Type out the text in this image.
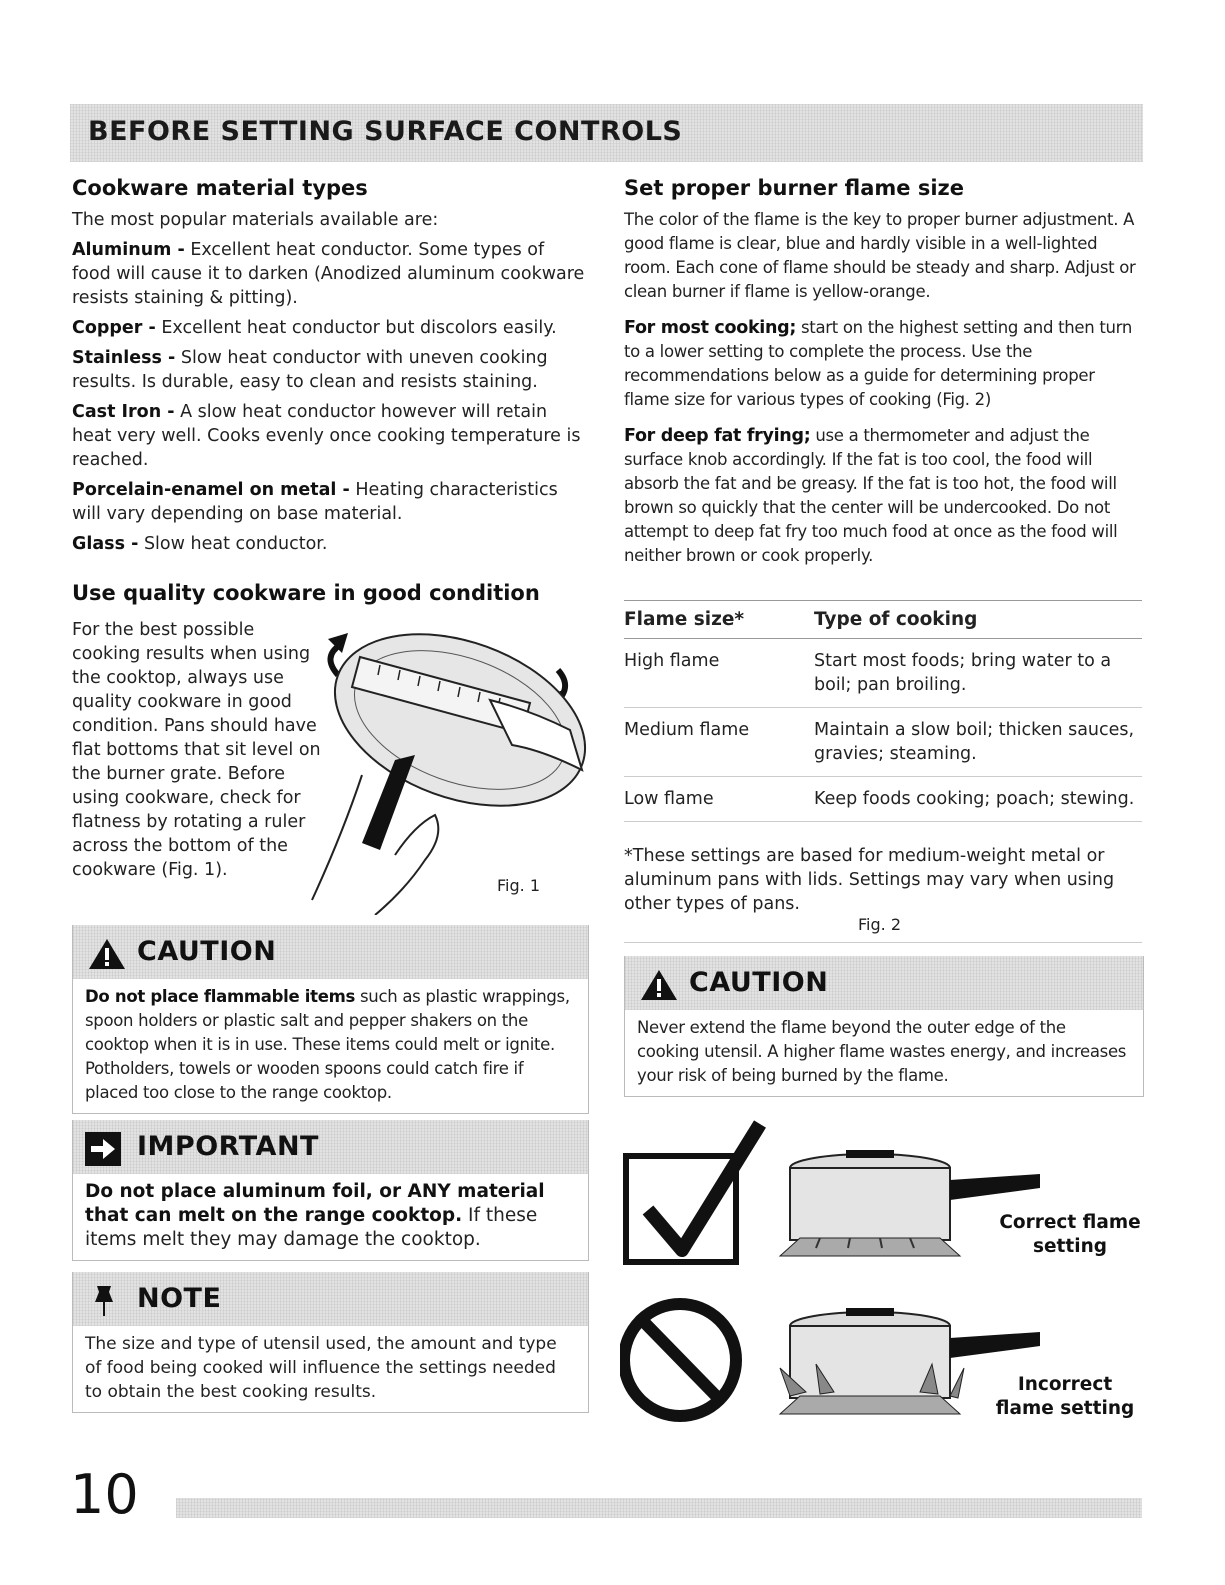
BEFORE SETTING SURFACE CONTROLS
Cookware material types

The most popular materials available are:

Aluminum - Excellent heat conductor. Some types of food will cause it to darken (Anodized aluminum cookware resists staining & pitting).

Copper - Excellent heat conductor but discolors easily.

Stainless - Slow heat conductor with uneven cooking results. Is durable, easy to clean and resists staining.

Cast Iron - A slow heat conductor however will retain heat very well. Cooks evenly once cooking temperature is reached.

Porcelain-enamel on metal - Heating characteristics will vary depending on base material.

Glass - Slow heat conductor.

Use quality cookware in good condition

For the best possible cooking results when using the cooktop, always use quality cookware in good condition. Pans should have flat bottoms that sit level on the burner grate. Before using cookware, check for flatness by rotating a ruler across the bottom of the cookware (Fig. 1).

Fig. 1
CAUTION

Do not place flammable items such as plastic wrappings, spoon holders or plastic salt and pepper shakers on the cooktop when it is in use. These items could melt or ignite. Potholders, towels or wooden spoons could catch fire if placed too close to the range cooktop.

IMPORTANT

Do not place aluminum foil, or ANY material that can melt on the range cooktop. If these items melt they may damage the cooktop.

NOTE

The size and type of utensil used, the amount and type of food being cooked will influence the settings needed to obtain the best cooking results.

Set proper burner flame size

The color of the flame is the key to proper burner adjustment. A good flame is clear, blue and hardly visible in a well-lighted room. Each cone of flame should be steady and sharp. Adjust or clean burner if flame is yellow-orange.

For most cooking; start on the highest setting and then turn to a lower setting to complete the process. Use the recommendations below as a guide for determining proper flame size for various types of cooking (Fig. 2)

For deep fat frying; use a thermometer and adjust the surface knob accordingly. If the fat is too cool, the food will absorb the fat and be greasy. If the fat is too hot, the food will brown so quickly that the center will be undercooked. Do not attempt to deep fat fry too much food at once as the food will neither brown or cook properly.

Flame size*	Type of cooking
High flame	Start most foods; bring water to a boil; pan broiling.
Medium flame	Maintain a slow boil; thicken sauces, gravies; steaming.
Low flame	Keep foods cooking; poach; stewing.

*These settings are based for medium-weight metal or aluminum pans with lids. Settings may vary when using other types of pans.

Fig. 2
CAUTION

Never extend the flame beyond the outer edge of the cooking utensil. A higher flame wastes energy, and increases your risk of being burned by the flame.

Correct flame
setting
Incorrect
flame setting
10
